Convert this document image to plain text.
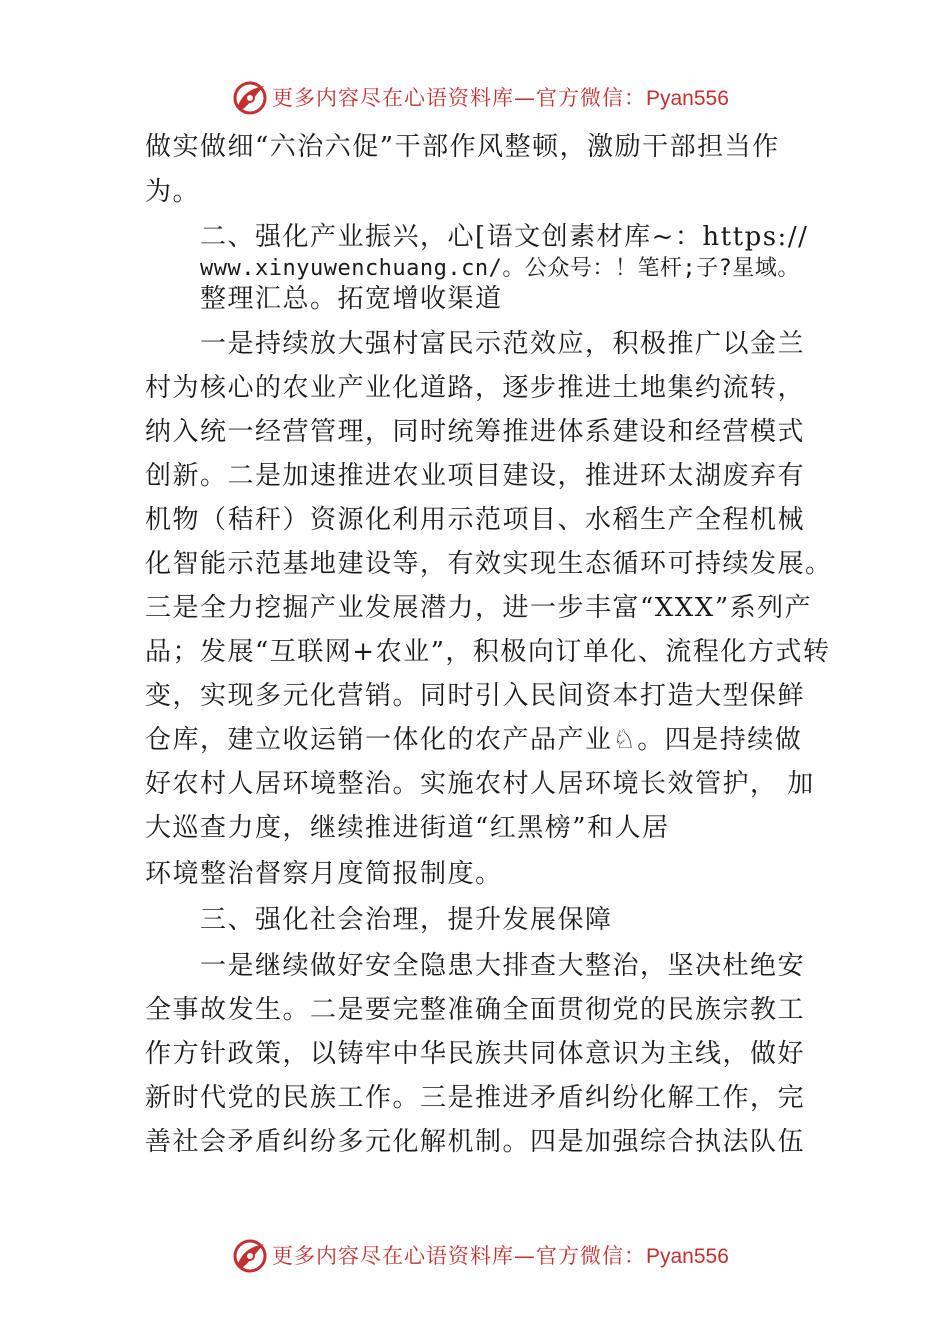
更多内容尽在心语资料库—官方微信：Pyan556
做实做细“六治六促”干部作风整顿，激励干部担当作
为。
二、强化产业振兴，心[语文创素材库~：https://
www.xinyuwenchuang.cn/。公众号：！笔杆;子?星域。
整理汇总。拓宽增收渠道
一是持续放大强村富民示范效应，积极推广以金兰
村为核心的农业产业化道路，逐步推进土地集约流转，
纳入统一经营管理，同时统筹推进体系建设和经营模式
创新。二是加速推进农业项目建设，推进环太湖废弃有
机物（秸秆）资源化利用示范项目、水稻生产全程机械
化智能示范基地建设等，有效实现生态循环可持续发展。
三是全力挖掘产业发展潜力，进一步丰富“XXX”系列产
品；发展“互联网+农业”，积极向订单化、流程化方式转
变，实现多元化营销。同时引入民间资本打造大型保鲜
仓库，建立收运销一体化的农产品产业♘。四是持续做
好农村人居环境整治。实施农村人居环境长效管护， 加
大巡查力度，继续推进街道“红黑榜”和人居
环境整治督察月度简报制度。
三、强化社会治理，提升发展保障
一是继续做好安全隐患大排查大整治，坚决杜绝安
全事故发生。二是要完整准确全面贯彻党的民族宗教工
作方针政策，以铸牢中华民族共同体意识为主线，做好
新时代党的民族工作。三是推进矛盾纠纷化解工作，完
善社会矛盾纠纷多元化解机制。四是加强综合执法队伍
更多内容尽在心语资料库—官方微信：Pyan556
